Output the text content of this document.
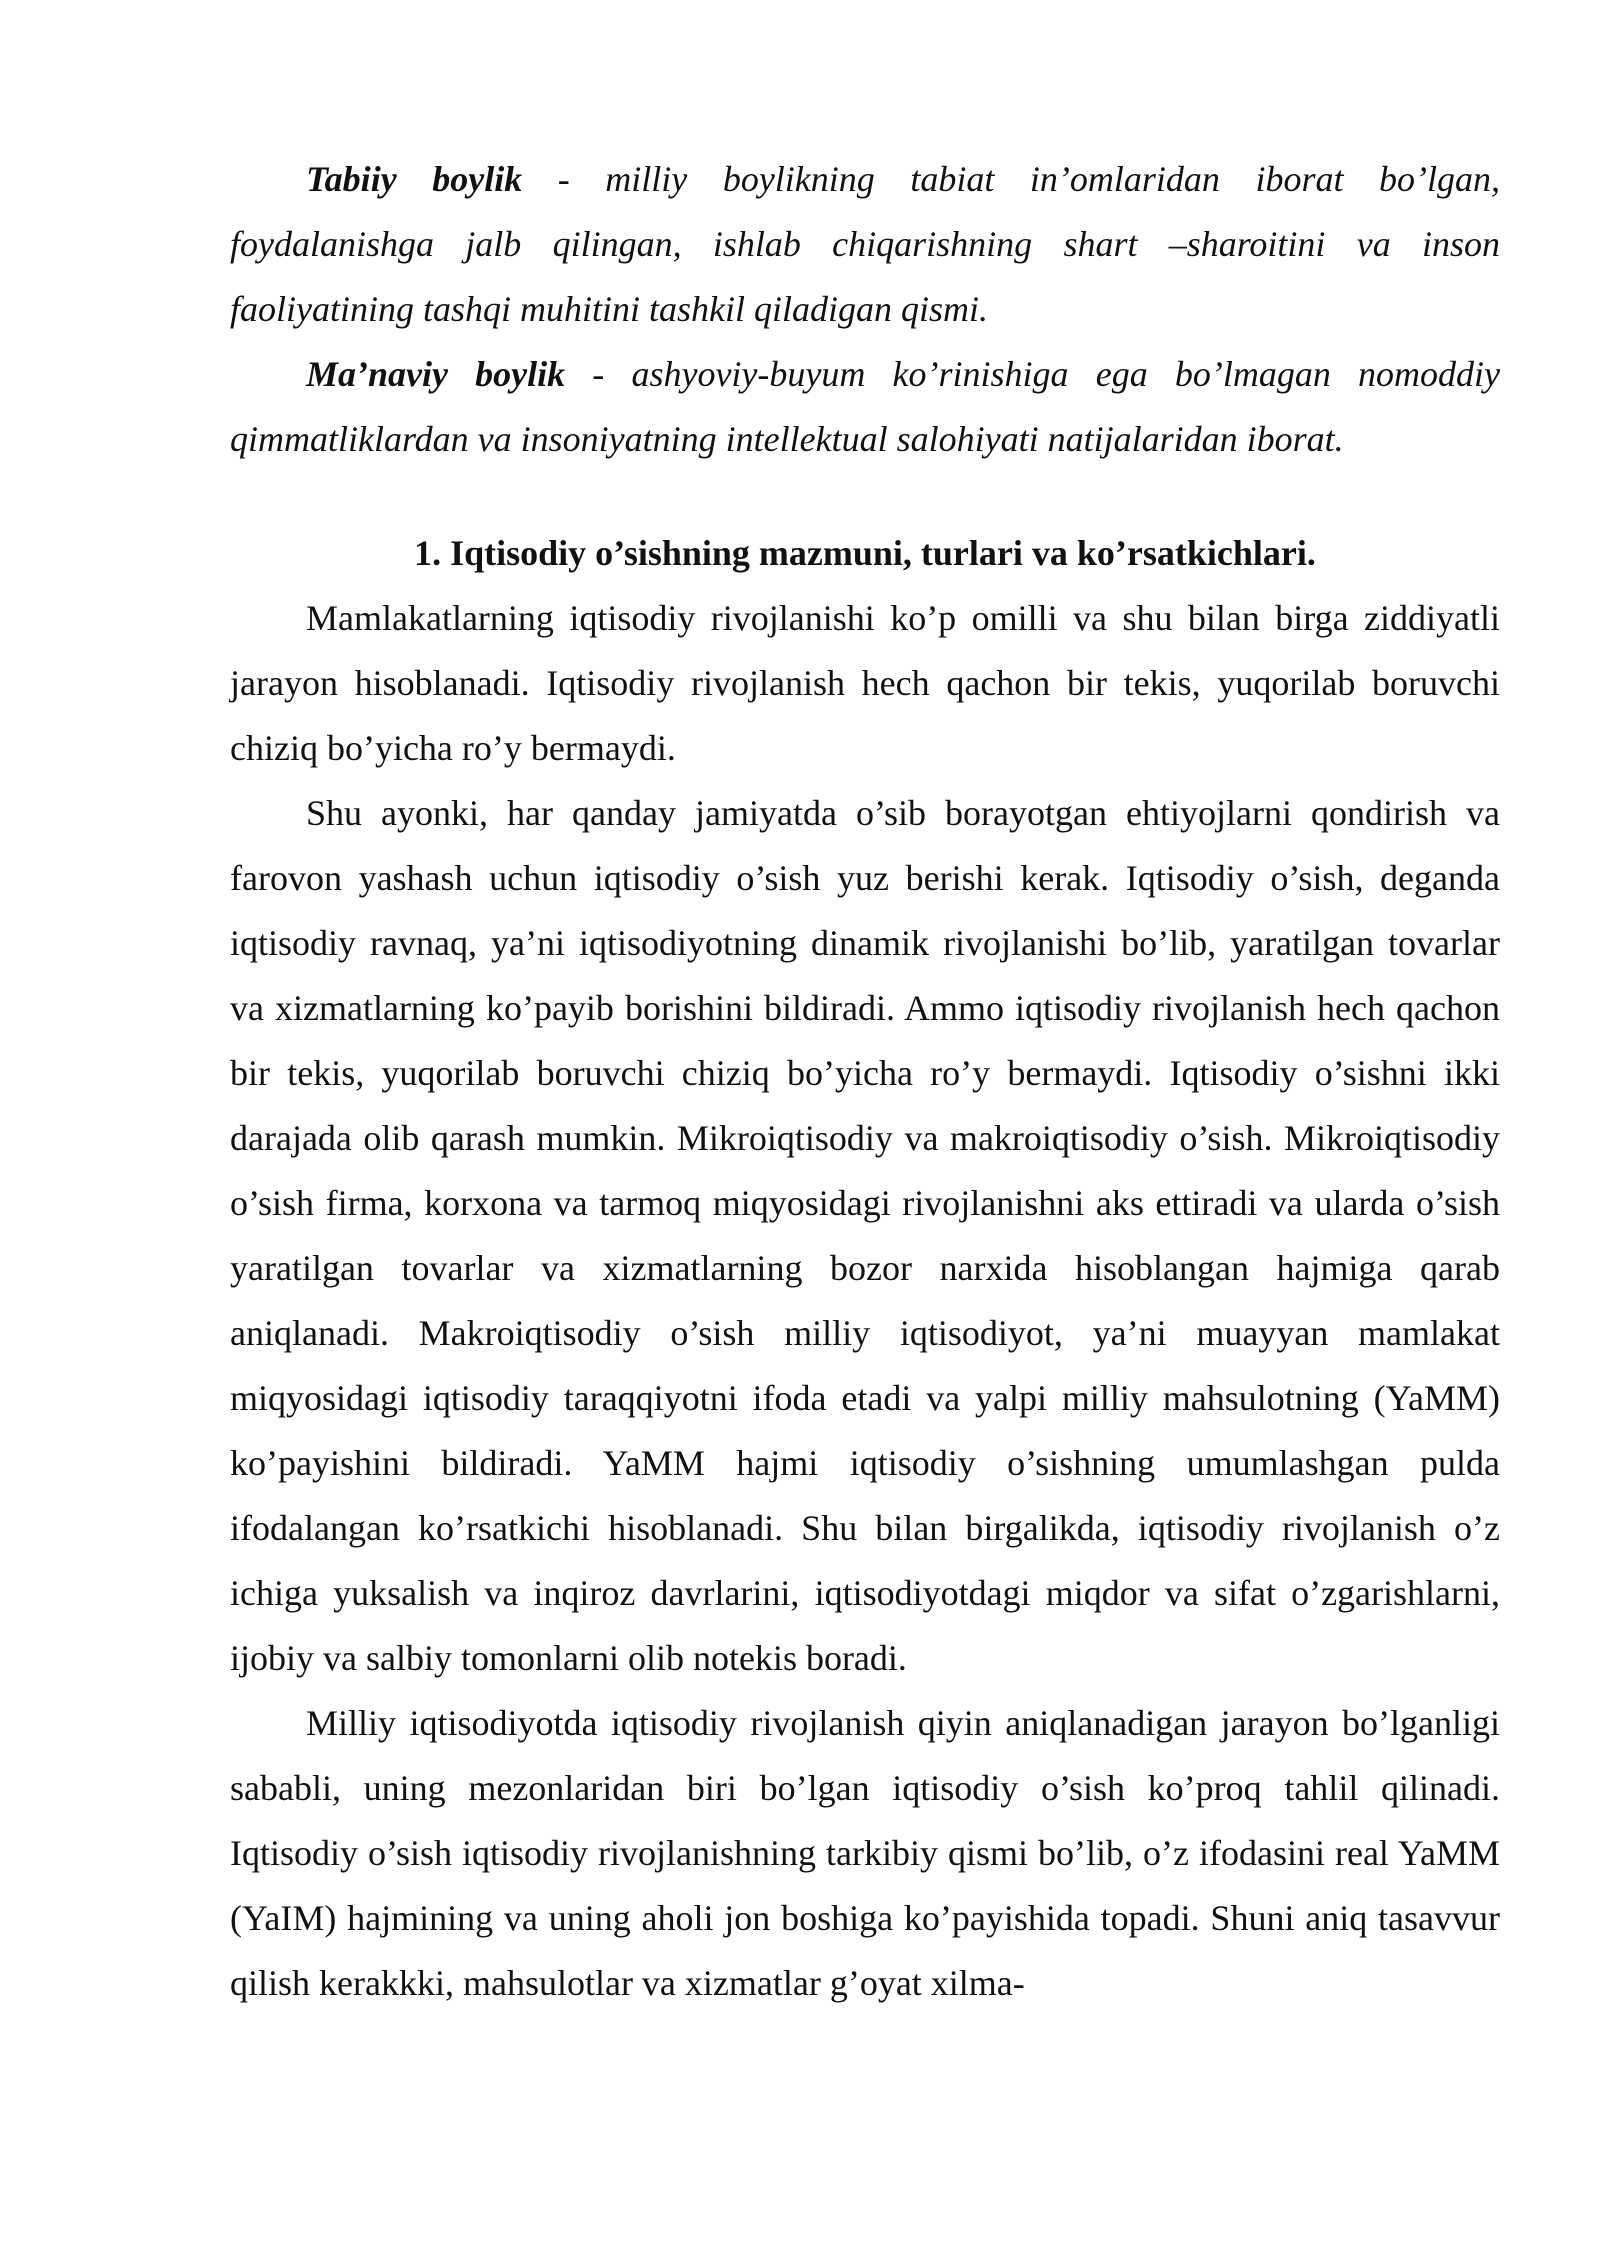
Tabiiy boylik - milliy boylikning tabiat in’omlaridan iborat bo’lgan, foydalanishga jalb qilingan, ishlab chiqarishning shart –sharoitini va inson faoliyatining tashqi muhitini tashkil qiladigan qismi.

Ma’naviy boylik - ashyoviy-buyum ko’rinishiga ega bo’lmagan nomoddiy qimmatliklardan va insoniyatning intellektual salohiyati natijalaridan iborat.

1. Iqtisodiy o’sishning mazmuni, turlari va ko’rsatkichlari.

Mamlakatlarning iqtisodiy rivojlanishi ko’p omilli va shu bilan birga ziddiyatli jarayon hisoblanadi. Iqtisodiy rivojlanish hech qachon bir tekis, yuqorilab boruvchi chiziq bo’yicha ro’y bermaydi.

Shu ayonki, har qanday jamiyatda o’sib borayotgan ehtiyojlarni qondirish va farovon yashash uchun iqtisodiy o’sish yuz berishi kerak. Iqtisodiy o’sish, deganda iqtisodiy ravnaq, ya’ni iqtisodiyotning dinamik rivojlanishi bo’lib, yaratilgan tovarlar va xizmatlarning ko’payib borishini bildiradi. Ammo iqtisodiy rivojlanish hech qachon bir tekis, yuqorilab boruvchi chiziq bo’yicha ro’y bermaydi. Iqtisodiy o’sishni ikki darajada olib qarash mumkin. Mikroiqtisodiy va makroiqtisodiy o’sish. Mikroiqtisodiy o’sish firma, korxona va tarmoq miqyosidagi rivojlanishni aks ettiradi va ularda o’sish yaratilgan tovarlar va xizmatlarning bozor narxida hisoblangan hajmiga qarab aniqlanadi. Makroiqtisodiy o’sish milliy iqtisodiyot, ya’ni muayyan mamlakat miqyosidagi iqtisodiy taraqqiyotni ifoda etadi va yalpi milliy mahsulotning (YaMM) ko’payishini bildiradi. YaMM hajmi iqtisodiy o’sishning umumlashgan pulda ifodalangan ko’rsatkichi hisoblanadi. Shu bilan birgalikda, iqtisodiy rivojlanish o’z ichiga yuksalish va inqiroz davrlarini, iqtisodiyotdagi miqdor va sifat o’zgarishlarni, ijobiy va salbiy tomonlarni olib notekis boradi.

Milliy iqtisodiyotda iqtisodiy rivojlanish qiyin aniqlanadigan jarayon bo’lganligi sababli, uning mezonlaridan biri bo’lgan iqtisodiy o’sish ko’proq tahlil qilinadi. Iqtisodiy o’sish iqtisodiy rivojlanishning tarkibiy qismi bo’lib, o’z ifodasini real YaMM (YaIM) hajmining va uning aholi jon boshiga ko’payishida topadi. Shuni aniq tasavvur qilish kerakkki, mahsulotlar va xizmatlar g’oyat xilma-
